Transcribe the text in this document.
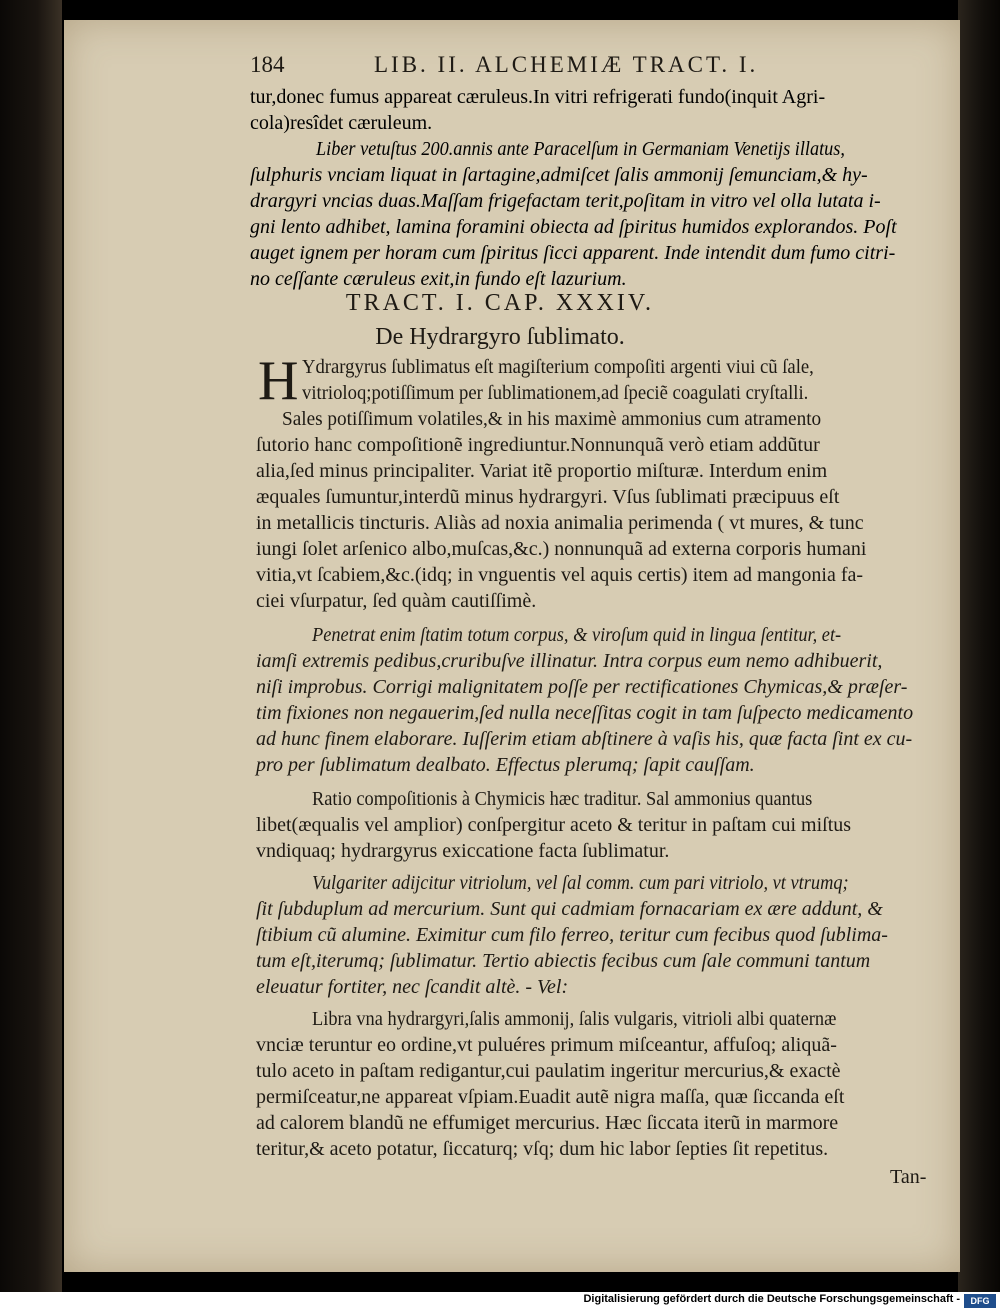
184	LIB. II. ALCHEMIÆ TRACT. I.
tur,donec fumus appareat cæruleus.In vitri refrigerati fundo(inquit Agri-
cola)resîdet cæruleum.
Liber vetuſtus 200.annis ante Paracelſum in Germaniam Venetijs illatus,
ſulphuris vnciam liquat in ſartagine,admiſcet ſalis ammonij ſemunciam,& hy-
drargyri vncias duas.Maſſam frigefactam terit,poſitam in vitro vel olla lutata i-
gni lento adhibet, lamina foramini obiecta ad ſpiritus humidos explorandos. Poſt
auget ignem per horam cum ſpiritus ſicci apparent. Inde intendit dum fumo citri-
no ceſſante cæruleus exit,in fundo eſt lazurium.
TRACT. I. CAP. XXXIV.
De Hydrargyro ſublimato.
H Ydrargyrus ſublimatus eſt magiſterium compoſiti argenti viui cũ ſale,
vitrioloq;potiſſimum per ſublimationem,ad ſpeciẽ coagulati cryſtalli.
Sales potiſſimum volatiles,& in his maximè ammonius cum atramento
ſutorio hanc compoſitionẽ ingrediuntur.Nonnunquã verò etiam addũtur
alia,ſed minus principaliter. Variat itẽ proportio miſturæ. Interdum enim
æquales ſumuntur,interdũ minus hydrargyri. Vſus ſublimati præcipuus eſt
in metallicis tincturis. Aliàs ad noxia animalia perimenda ( vt mures, & tunc
iungi ſolet arſenico albo,muſcas,&c.) nonnunquã ad externa corporis humani
vitia,vt ſcabiem,&c.(idq; in vnguentis vel aquis certis) item ad mangonia fa-
ciei vſurpatur, ſed quàm cautiſſimè.
Penetrat enim ſtatim totum corpus, & viroſum quid in lingua ſentitur, et-
iamſi extremis pedibus,cruribuſve illinatur. Intra corpus eum nemo adhibuerit,
niſi improbus. Corrigi malignitatem poſſe per rectificationes Chymicas,& præſer-
tim fixiones non negauerim,ſed nulla neceſſitas cogit in tam ſuſpecto medicamento
ad hunc finem elaborare. Iuſſerim etiam abſtinere à vaſis his, quæ facta ſint ex cu-
pro per ſublimatum dealbato. Effectus plerumq; ſapit cauſſam.
Ratio compoſitionis à Chymicis hæc traditur. Sal ammonius quantus
libet(æqualis vel amplior) conſpergitur aceto & teritur in paſtam cui miſtus
vndiquaq; hydrargyrus exiccatione facta ſublimatur.
Vulgariter adijcitur vitriolum, vel ſal comm. cum pari vitriolo, vt vtrumq;
ſit ſubduplum ad mercurium. Sunt qui cadmiam fornacariam ex ære addunt, &
ſtibium cũ alumine. Eximitur cum filo ferreo, teritur cum fecibus quod ſublima-
tum eſt,iterumq; ſublimatur. Tertio abiectis fecibus cum ſale communi tantum
eleuatur fortiter, nec ſcandit altè. - Vel:
Libra vna hydrargyri,ſalis ammonij, ſalis vulgaris, vitrioli albi quaternæ
vnciæ teruntur eo ordine,vt puluéres primum miſceantur, affuſoq; aliquã-
tulo aceto in paſtam redigantur,cui paulatim ingeritur mercurius,& exactè
permiſceatur,ne appareat vſpiam.Euadit autẽ nigra maſſa, quæ ſiccanda eſt
ad calorem blandũ ne effumiget mercurius. Hæc ſiccata iterũ in marmore
teritur,& aceto potatur, ſiccaturq; vſq; dum hic labor ſepties ſit repetitus.
Tan-
Digitalisierung gefördert durch die Deutsche Forschungsgemeinschaft -	DFG
